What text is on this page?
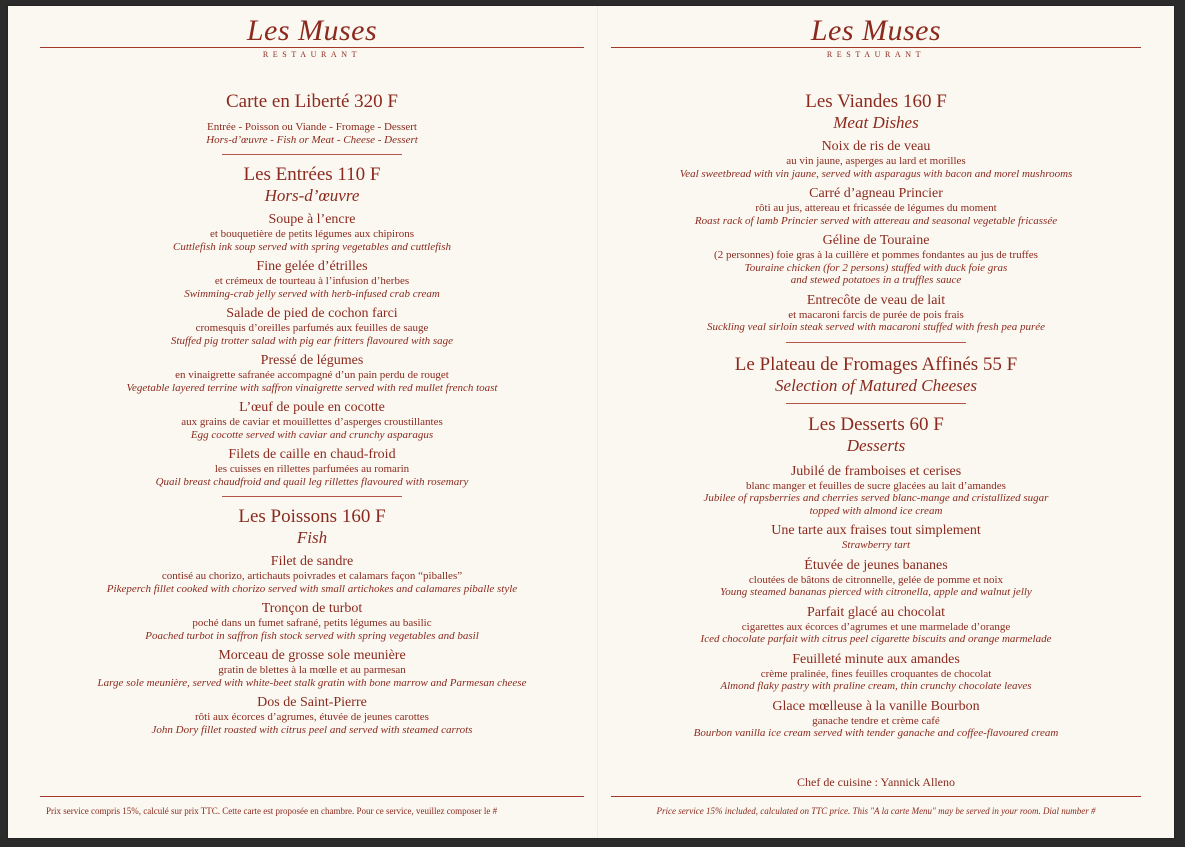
Les Muses
RESTAURANT
Carte en Liberté 320 F
Entrée - Poisson ou Viande - Fromage - Dessert
Hors-d’œuvre - Fish or Meat - Cheese - Dessert
Les Entrées 110 F
Hors-d’œuvre
Soupe à l’encre
et bouquetière de petits légumes aux chipirons
Cuttlefish ink soup served with spring vegetables and cuttlefish
Fine gelée d’étrilles
et crémeux de tourteau à l’infusion d’herbes
Swimming-crab jelly served with herb-infused crab cream
Salade de pied de cochon farci
cromesquis d’oreilles parfumés aux feuilles de sauge
Stuffed pig trotter salad with pig ear fritters flavoured with sage
Pressé de légumes
en vinaigrette safranée accompagné d’un pain perdu de rouget
Vegetable layered terrine with saffron vinaigrette served with red mullet french toast
L’œuf de poule en cocotte
aux grains de caviar et mouillettes d’asperges croustillantes
Egg cocotte served with caviar and crunchy asparagus
Filets de caille en chaud-froid
les cuisses en rillettes parfumées au romarin
Quail breast chaudfroid and quail leg rillettes flavoured with rosemary
Les Poissons 160 F
Fish
Filet de sandre
contisé au chorizo, artichauts poivrades et calamars façon “piballes”
Pikeperch fillet cooked with chorizo served with small artichokes and calamares piballe style
Tronçon de turbot
poché dans un fumet safrané, petits légumes au basilic
Poached turbot in saffron fish stock served with spring vegetables and basil
Morceau de grosse sole meunière
gratin de blettes à la mœlle et au parmesan
Large sole meunière, served with white-beet stalk gratin with bone marrow and Parmesan cheese
Dos de Saint-Pierre
rôti aux écorces d’agrumes, étuvée de jeunes carottes
John Dory fillet roasted with citrus peel and served with steamed carrots
Prix service compris 15%, calculé sur prix TTC. Cette carte est proposée en chambre. Pour ce service, veuillez composer le #
Les Muses
RESTAURANT
Les Viandes 160 F
Meat Dishes
Noix de ris de veau
au vin jaune, asperges au lard et morilles
Veal sweetbread with vin jaune, served with asparagus with bacon and morel mushrooms
Carré d’agneau Princier
rôti au jus, attereau et fricassée de légumes du moment
Roast rack of lamb Princier served with attereau and seasonal vegetable fricassée
Géline de Touraine
(2 personnes) foie gras à la cuillère et pommes fondantes au jus de truffes
Touraine chicken (for 2 persons) stuffed with duck foie gras
and stewed potatoes in a truffles sauce
Entrecôte de veau de lait
et macaroni farcis de purée de pois frais
Suckling veal sirloin steak served with macaroni stuffed with fresh pea purée
Le Plateau de Fromages Affinés 55 F
Selection of Matured Cheeses
Les Desserts 60 F
Desserts
Jubilé de framboises et cerises
blanc manger et feuilles de sucre glacées au lait d’amandes
Jubilee of rapsberries and cherries served blanc-mange and cristallized sugar
topped with almond ice cream
Une tarte aux fraises tout simplement
Strawberry tart
Étuvée de jeunes bananes
cloutées de bâtons de citronnelle, gelée de pomme et noix
Young steamed bananas pierced with citronella, apple and walnut jelly
Parfait glacé au chocolat
cigarettes aux écorces d’agrumes et une marmelade d’orange
Iced chocolate parfait with citrus peel cigarette biscuits and orange marmelade
Feuilleté minute aux amandes
crème pralinée, fines feuilles croquantes de chocolat
Almond flaky pastry with praline cream, thin crunchy chocolate leaves
Glace mœlleuse à la vanille Bourbon
ganache tendre et crème café
Bourbon vanilla ice cream served with tender ganache and coffee-flavoured cream
Chef de cuisine : Yannick Alleno
Price service 15% included, calculated on TTC price. This "A la carte Menu" may be served in your room. Dial number #
